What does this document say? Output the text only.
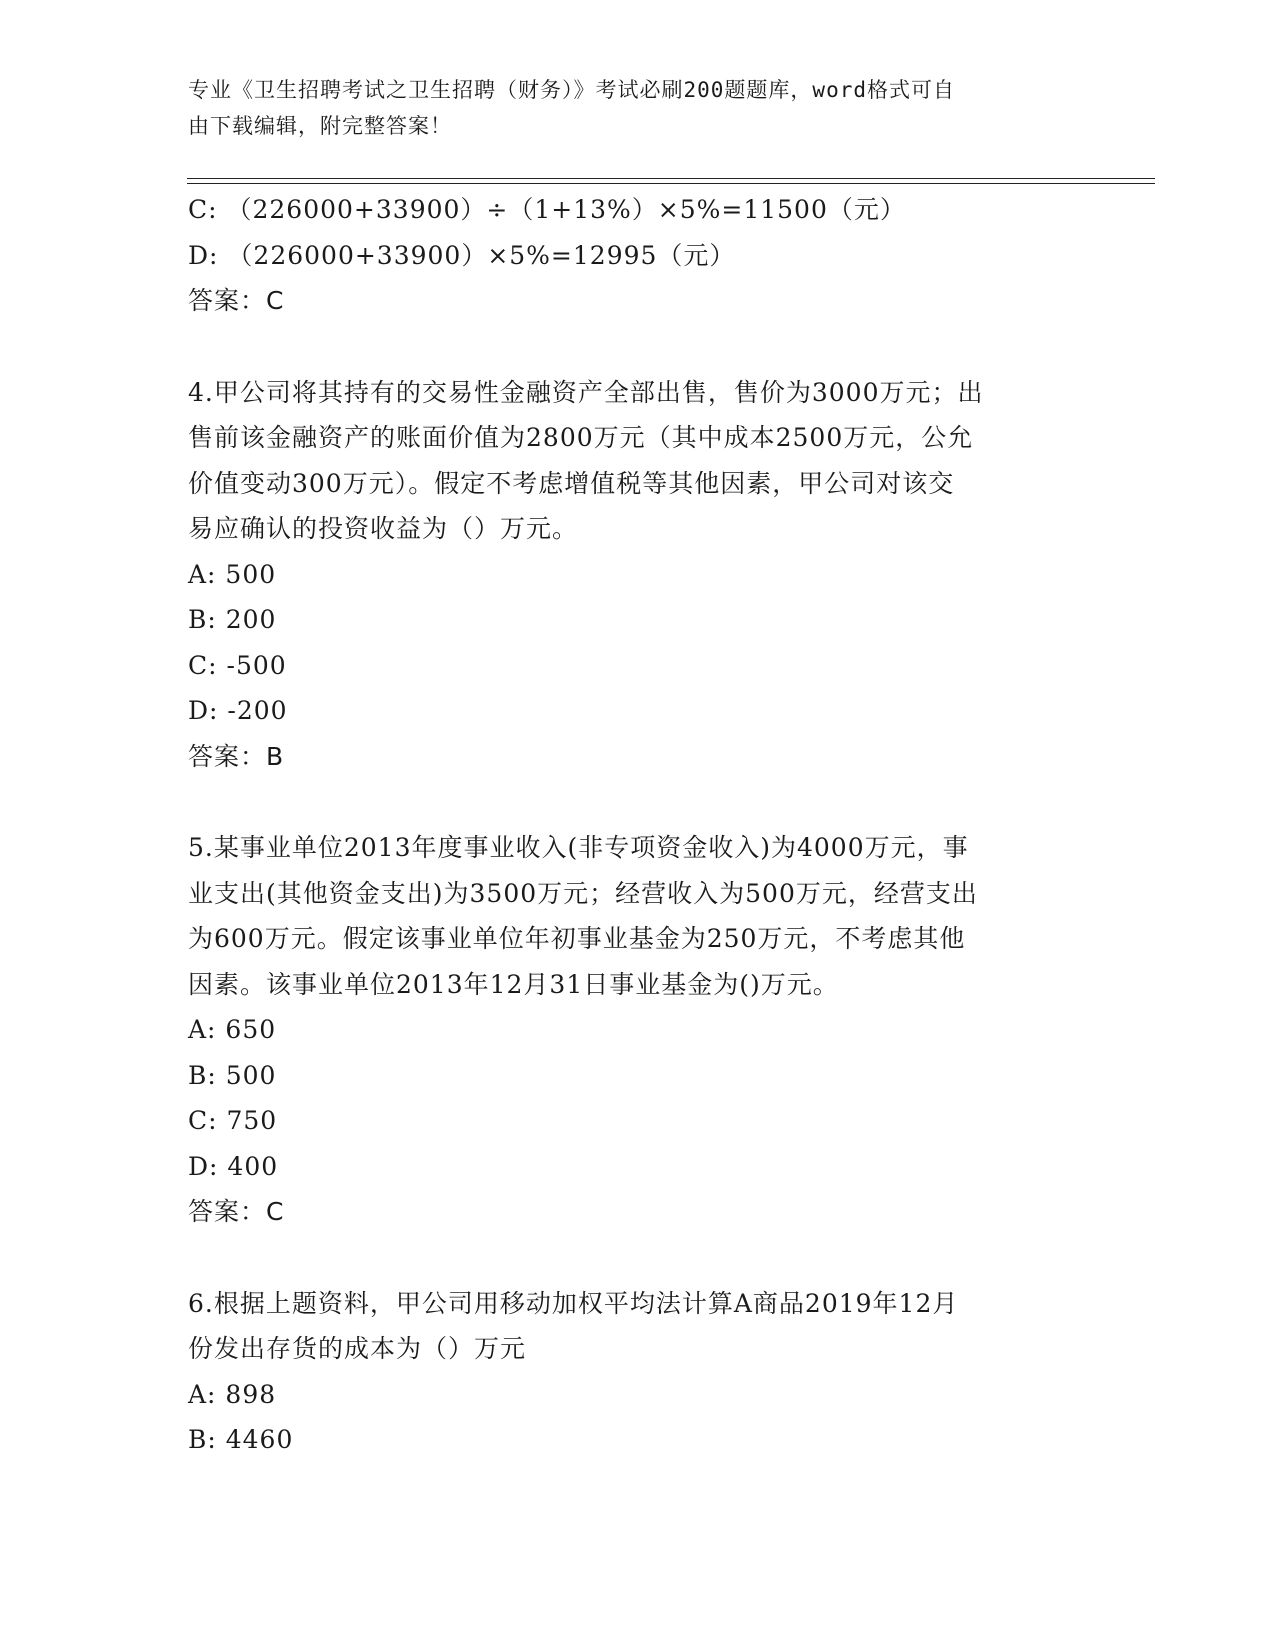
专业《卫生招聘考试之卫生招聘（财务）》考试必刷200题题库，word格式可自
由下载编辑，附完整答案！
C: （226000+33900）÷（1+13%）×5%=11500（元）
D: （226000+33900）×5%=12995（元）
答案：C
4.甲公司将其持有的交易性金融资产全部出售，售价为3000万元；出
售前该金融资产的账面价值为2800万元（其中成本2500万元，公允
价值变动300万元）。假定不考虑增值税等其他因素，甲公司对该交
易应确认的投资收益为（）万元。
A: 500
B: 200
C: -500
D: -200
答案：B
5.某事业单位2013年度事业收入(非专项资金收入)为4000万元，事
业支出(其他资金支出)为3500万元；经营收入为500万元，经营支出
为600万元。假定该事业单位年初事业基金为250万元，不考虑其他
因素。该事业单位2013年12月31日事业基金为()万元。
A: 650
B: 500
C: 750
D: 400
答案：C
6.根据上题资料，甲公司用移动加权平均法计算A商品2019年12月
份发出存货的成本为（）万元
A: 898
B: 4460
